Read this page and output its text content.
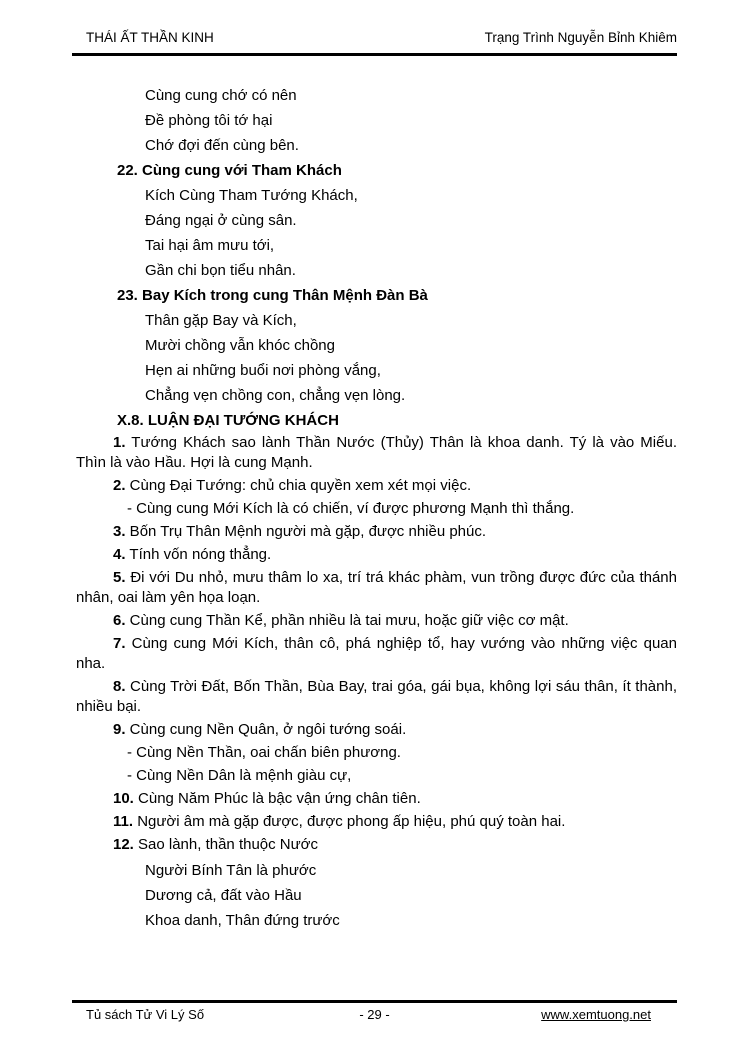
THÁI ẤT THẦN KINH	Trạng Trình Nguyễn Bỉnh Khiêm
Cùng cung chớ có nên
Đề phòng tôi tớ hại
Chớ đợi đến cùng bên.
22. Cùng cung với Tham Khách
Kích Cùng Tham Tướng Khách,
Đáng ngại ở cùng sân.
Tai hại âm mưu tới,
Gần chi bọn tiểu nhân.
23. Bay Kích trong cung Thân Mệnh Đàn Bà
Thân gặp Bay và Kích,
Mười chồng vẫn khóc chồng
Hẹn ai những buổi nơi phòng vắng,
Chẳng vẹn chồng con, chẳng vẹn lòng.
X.8. LUẬN ĐẠI TƯỚNG KHÁCH

1. Tướng Khách sao lành Thần Nước (Thủy) Thân là khoa danh. Tý là vào Miếu. Thìn là vào Hầu. Hợi là cung Mạnh.

2. Cùng Đại Tướng: chủ chia quyền xem xét mọi việc.

- Cùng cung Mới Kích là có chiến, ví được phương Mạnh thì thắng.

3. Bốn Trụ Thân Mệnh người mà gặp, được nhiều phúc.

4. Tính vốn nóng thẳng.

5. Đi với Du nhỏ, mưu thâm lo xa, trí trá khác phàm, vun trồng được đức của thánh nhân, oai làm yên họa loạn.

6. Cùng cung Thần Kể, phần nhiều là tai mưu, hoặc giữ việc cơ mật.

7. Cùng cung Mới Kích, thân cô, phá nghiệp tổ, hay vướng vào những việc quan nha.

8. Cùng Trời Đất, Bốn Thần, Bùa Bay, trai góa, gái bụa, không lợi sáu thân, ít thành, nhiều bại.

9. Cùng cung Nền Quân, ở ngôi tướng soái.

- Cùng Nền Thần, oai chấn biên phương.
- Cùng Nền Dân là mệnh giàu cự,

10. Cùng Năm Phúc là bậc vận ứng chân tiên.

11. Người âm mà gặp được, được phong ấp hiệu, phú quý toàn hai.

12. Sao lành, thần thuộc Nước

Người Bính Tân là phước
Dương cả, đất vào Hầu
Khoa danh, Thân đứng trước
Tủ sách Tử Vi Lý Số	- 29 -	www.xemtuong.net
